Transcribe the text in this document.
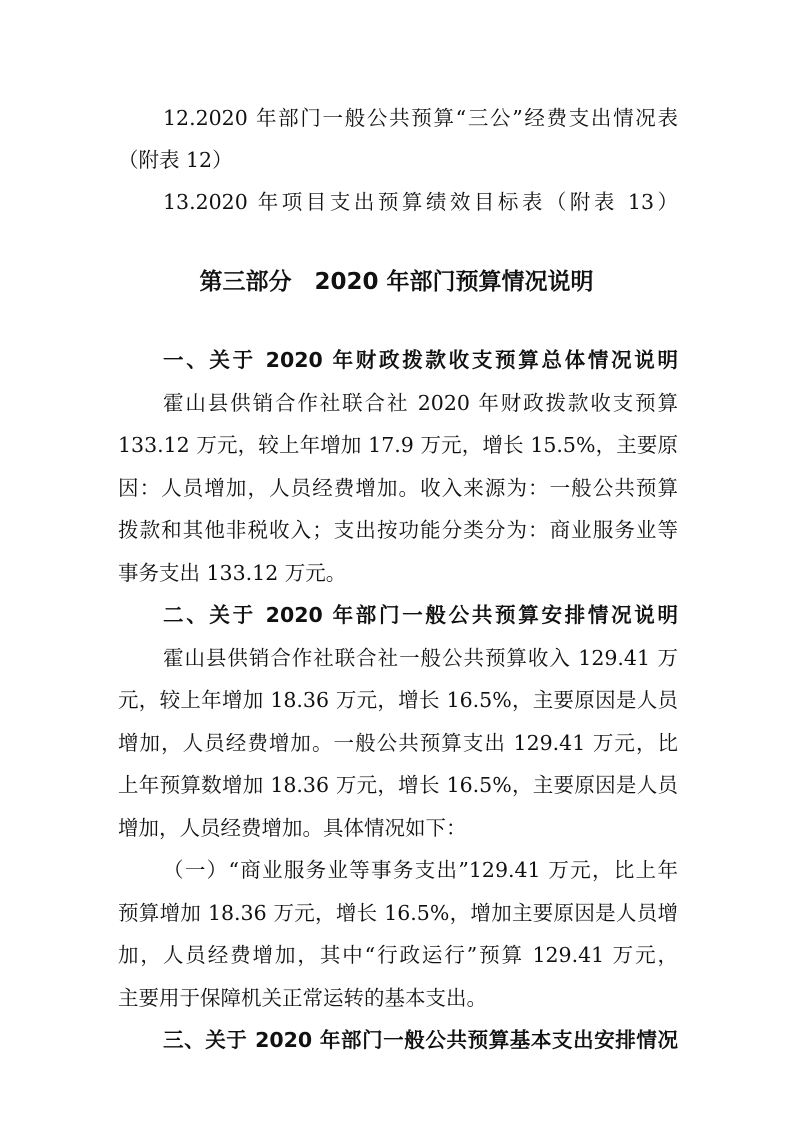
12.2020 年部门一般公共预算“三公”经费支出情况表
（附表 12）
13.2020 年项目支出预算绩效目标表（附表 13）
第三部分　2020 年部门预算情况说明
一、关于 2020 年财政拨款收支预算总体情况说明
霍山县供销合作社联合社 2020 年财政拨款收支预算
133.12 万元，较上年增加 17.9 万元，增长 15.5%，主要原
因：人员增加，人员经费增加。收入来源为：一般公共预算
拨款和其他非税收入；支出按功能分类分为：商业服务业等
事务支出 133.12 万元。
二、关于 2020 年部门一般公共预算安排情况说明
霍山县供销合作社联合社一般公共预算收入 129.41 万
元，较上年增加 18.36 万元，增长 16.5%，主要原因是人员
增加，人员经费增加。一般公共预算支出 129.41 万元，比
上年预算数增加 18.36 万元，增长 16.5%，主要原因是人员
增加，人员经费增加。具体情况如下：
（一）“商业服务业等事务支出”129.41 万元，比上年
预算增加 18.36 万元，增长 16.5%，增加主要原因是人员增
加，人员经费增加，其中“行政运行”预算 129.41 万元，
主要用于保障机关正常运转的基本支出。
三、关于 2020 年部门一般公共预算基本支出安排情况
